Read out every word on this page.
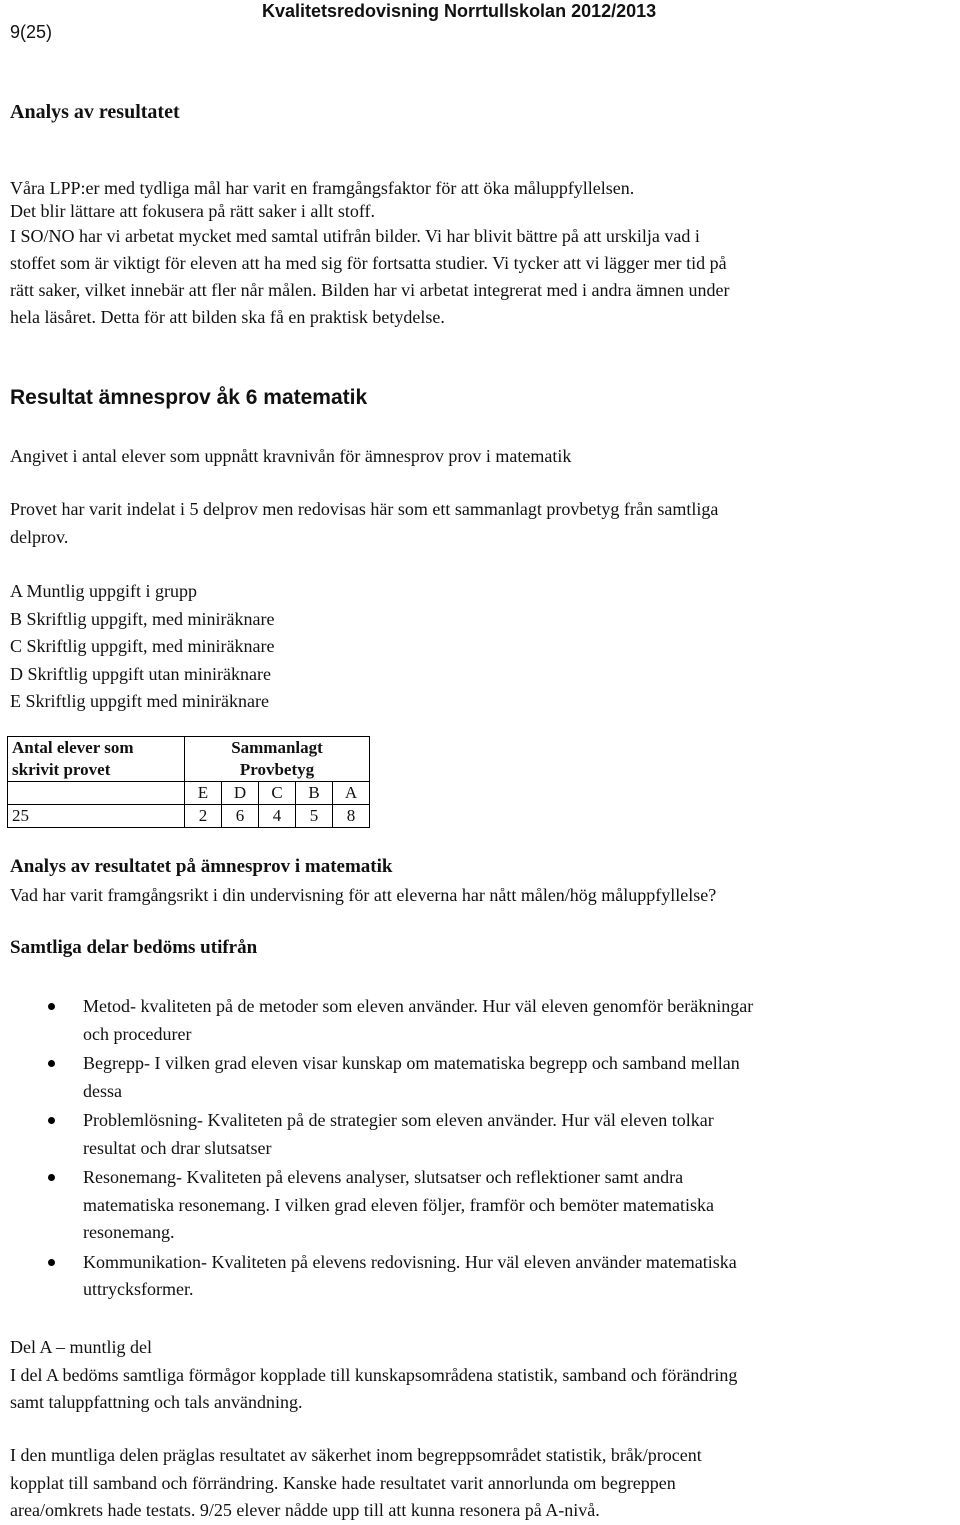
9(25)
Kvalitetsredovisning Norrtullskolan 2012/2013
Analys av resultatet
Våra LPP:er med tydliga mål har varit en framgångsfaktor för att öka måluppfyllelsen.
Det blir lättare att fokusera på rätt saker i allt stoff.
I SO/NO har vi arbetat mycket med samtal utifrån bilder. Vi har blivit bättre på att urskilja vad i
stoffet som är viktigt för eleven att ha med sig för fortsatta studier. Vi tycker att vi lägger mer tid på
rätt saker, vilket innebär att fler når målen. Bilden har vi arbetat integrerat med i andra ämnen under
hela läsåret. Detta för att bilden ska få en praktisk betydelse.
Resultat ämnesprov åk 6 matematik

Angivet i antal elever som uppnått kravnivån för ämnesprov prov i matematik

Provet har varit indelat i 5 delprov men redovisas här som ett sammanlagt provbetyg från samtliga
delprov.
A Muntlig uppgift i grupp
B Skriftlig uppgift, med miniräknare
C Skriftlig uppgift, med miniräknare
D Skriftlig uppgift utan miniräknare
E Skriftlig uppgift med miniräknare
Antal elever som
skrivit provet	Sammanlagt
Provbetyg				
	E	D	C	B	A
25	2	6	4	5	8
Analys av resultatet på ämnesprov i matematik

Vad har varit framgångsrikt i din undervisning för att eleverna har nått målen/hög måluppfyllelse?

Samtliga delar bedöms utifrån
Metod- kvaliteten på de metoder som eleven använder. Hur väl eleven genomför beräkningar
och procedurer
Begrepp- I vilken grad eleven visar kunskap om matematiska begrepp och samband mellan
dessa
Problemlösning- Kvaliteten på de strategier som eleven använder. Hur väl eleven tolkar
resultat och drar slutsatser
Resonemang- Kvaliteten på elevens analyser, slutsatser och reflektioner samt andra
matematiska resonemang. I vilken grad eleven följer, framför och bemöter matematiska
resonemang.
Kommunikation- Kvaliteten på elevens redovisning. Hur väl eleven använder matematiska
uttrycksformer.
Del A – muntlig del
I del A bedöms samtliga förmågor kopplade till kunskapsområdena statistik, samband och förändring
samt taluppfattning och tals användning.
I den muntliga delen präglas resultatet av säkerhet inom begreppsområdet statistik, bråk/procent
kopplat till samband och förrändring. Kanske hade resultatet varit annorlunda om begreppen
area/omkrets hade testats. 9/25 elever nådde upp till att kunna resonera på A-nivå.
